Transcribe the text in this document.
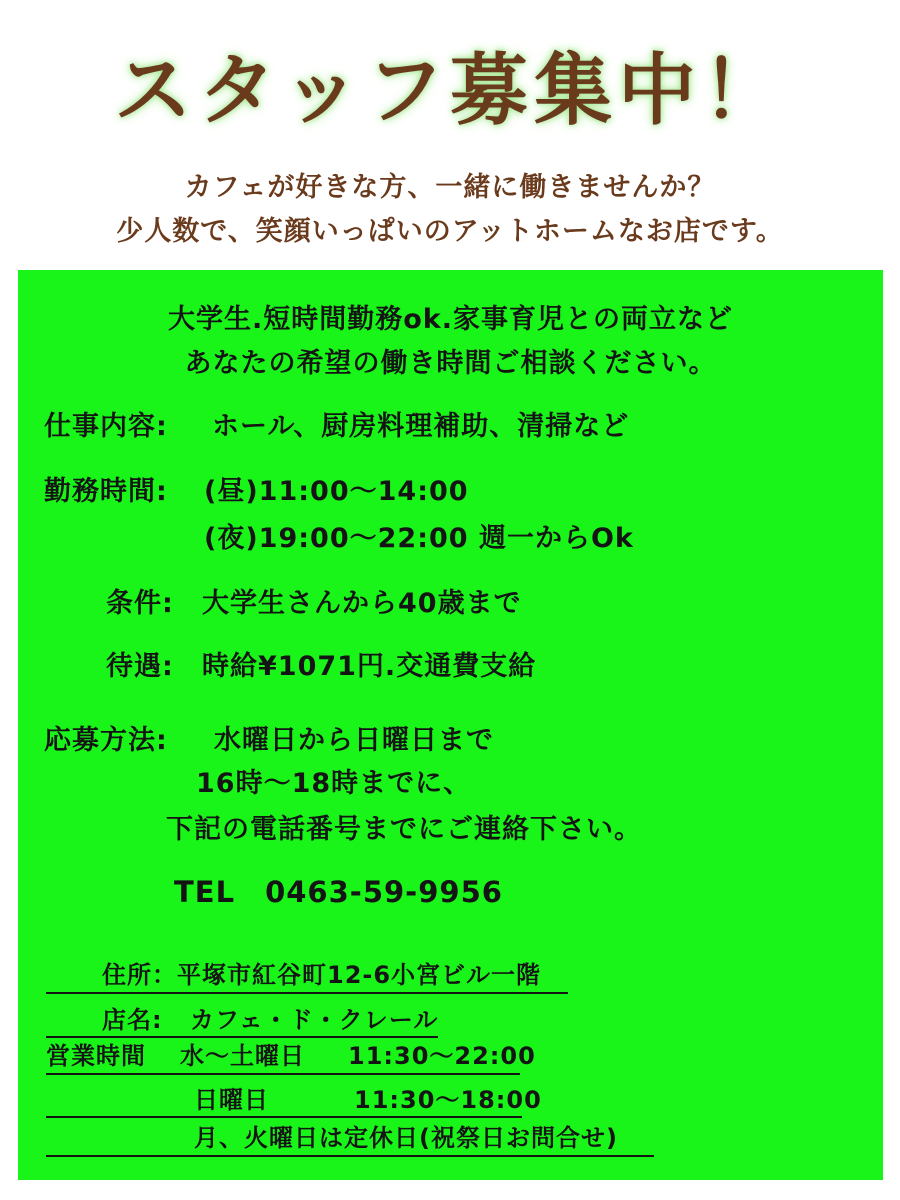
スタッフ募集中！
カフェが好きな方、一緒に働きませんか？
少人数で、笑顔いっぱいのアットホームなお店です。
大学生.短時間勤務ok.家事育児との両立など
あなたの希望の働き時間ご相談ください。
仕事内容: ホール、厨房料理補助、清掃など
勤務時間: (昼)11:00〜14:00
(夜)19:00〜22:00 週一からOk
条件: 大学生さんから40歳まで
待遇: 時給¥1071円.交通費支給
応募方法: 水曜日から日曜日まで
16時〜18時までに、
下記の電話番号までにご連絡下さい。
TEL　0463-59-9956
住所：平塚市紅谷町12-6小宮ビル一階
店名: カフェ・ド・クレール
営業時間 水〜土曜日 11:30〜22:00
日曜日	11:30〜18:00
月、火曜日は定休日(祝祭日お問合せ)
